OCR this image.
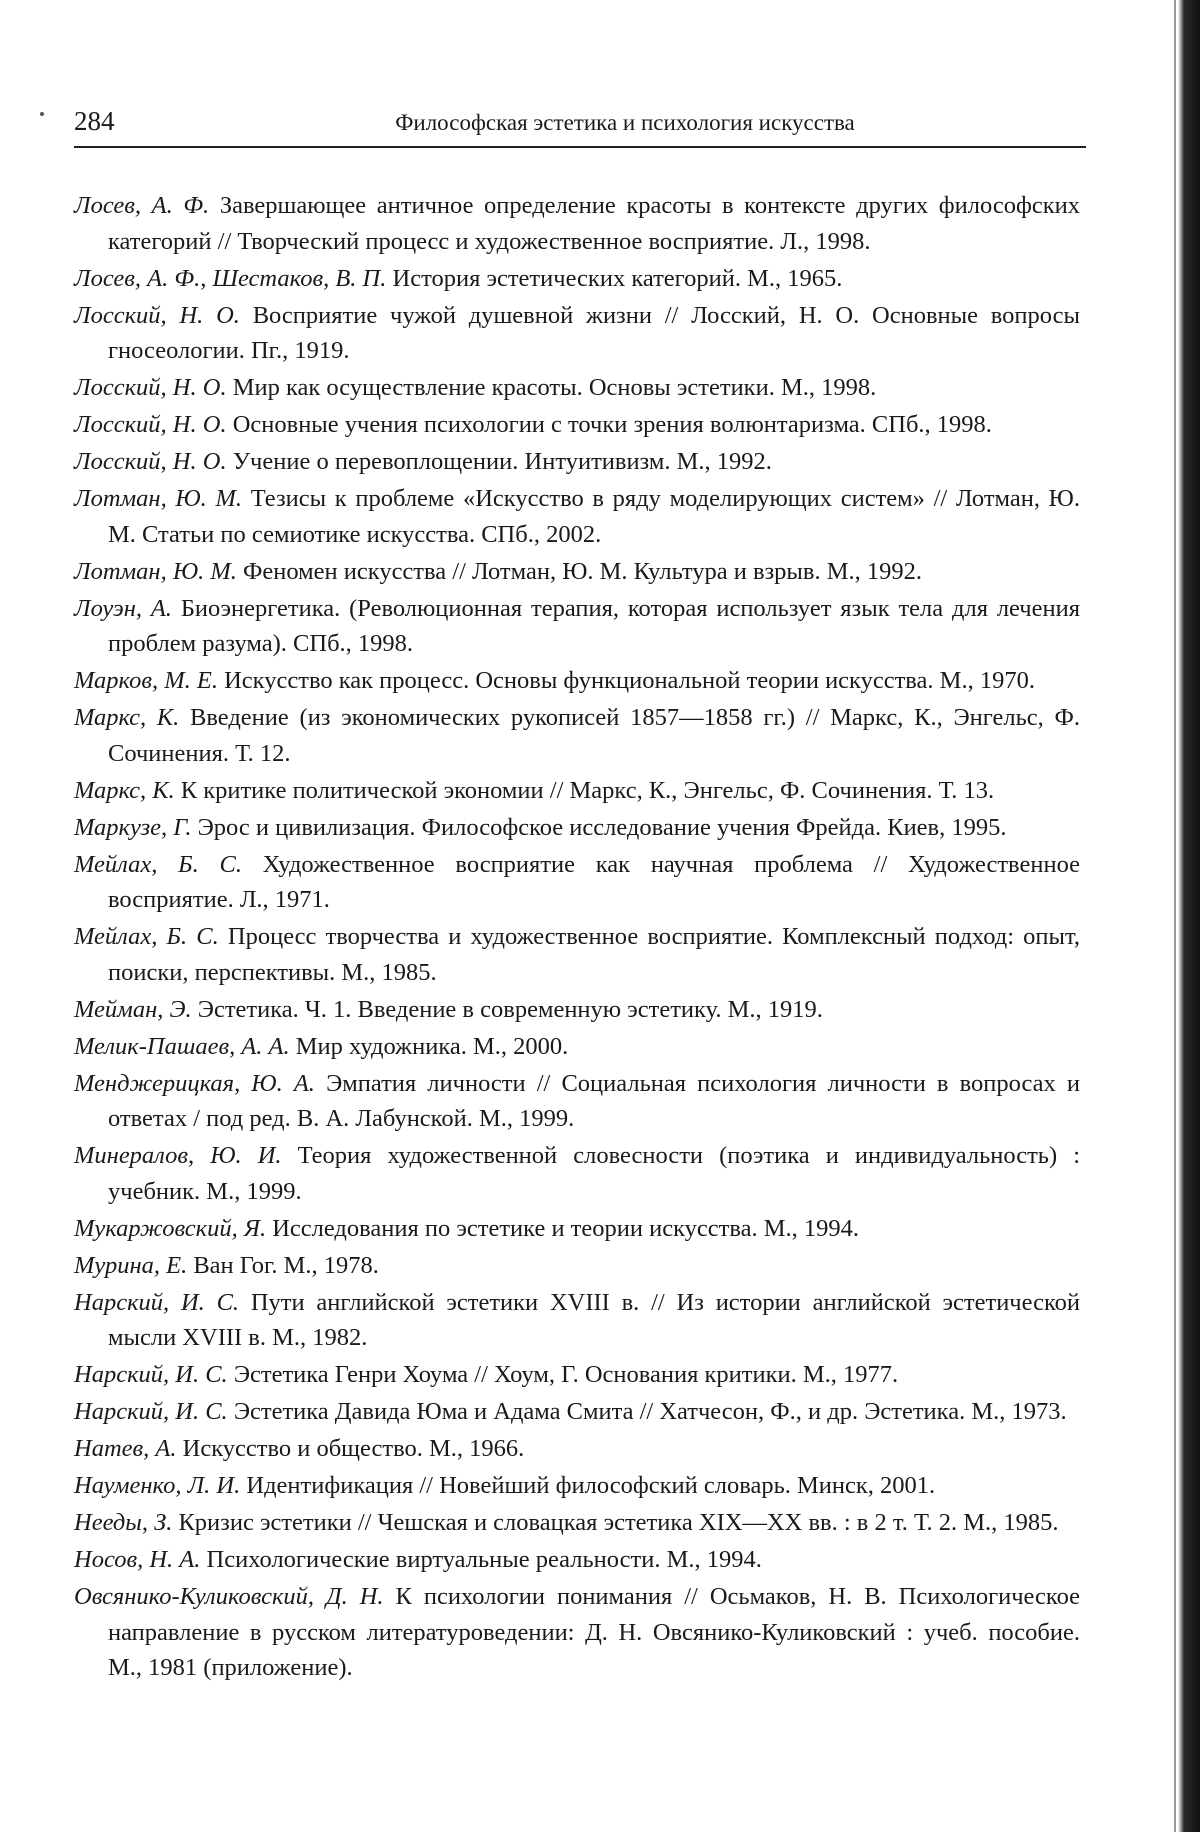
284	Философская эстетика и психология искусства
Лосев, А. Ф. Завершающее античное определение красоты в контексте других философских категорий // Творческий процесс и художественное восприятие. Л., 1998.
Лосев, А. Ф., Шестаков, В. П. История эстетических категорий. М., 1965.
Лосский, Н. О. Восприятие чужой душевной жизни // Лосский, Н. О. Основные вопросы гносеологии. Пг., 1919.
Лосский, Н. О. Мир как осуществление красоты. Основы эстетики. М., 1998.
Лосский, Н. О. Основные учения психологии с точки зрения волюнтаризма. СПб., 1998.
Лосский, Н. О. Учение о перевоплощении. Интуитивизм. М., 1992.
Лотман, Ю. М. Тезисы к проблеме «Искусство в ряду моделирующих систем» // Лотман, Ю. М. Статьи по семиотике искусства. СПб., 2002.
Лотман, Ю. М. Феномен искусства // Лотман, Ю. М. Культура и взрыв. М., 1992.
Лоуэн, А. Биоэнергетика. (Революционная терапия, которая использует язык тела для лечения проблем разума). СПб., 1998.
Марков, М. Е. Искусство как процесс. Основы функциональной теории искусства. М., 1970.
Маркс, К. Введение (из экономических рукописей 1857—1858 гг.) // Маркс, К., Энгельс, Ф. Сочинения. Т. 12.
Маркс, К. К критике политической экономии // Маркс, К., Энгельс, Ф. Сочинения. Т. 13.
Маркузе, Г. Эрос и цивилизация. Философское исследование учения Фрейда. Киев, 1995.
Мейлах, Б. С. Художественное восприятие как научная проблема // Художественное восприятие. Л., 1971.
Мейлах, Б. С. Процесс творчества и художественное восприятие. Комплексный подход: опыт, поиски, перспективы. М., 1985.
Мейман, Э. Эстетика. Ч. 1. Введение в современную эстетику. М., 1919.
Мелик-Пашаев, А. А. Мир художника. М., 2000.
Менджерицкая, Ю. А. Эмпатия личности // Социальная психология личности в вопросах и ответах / под ред. В. А. Лабунской. М., 1999.
Минералов, Ю. И. Теория художественной словесности (поэтика и индивидуальность) : учебник. М., 1999.
Мукаржовский, Я. Исследования по эстетике и теории искусства. М., 1994.
Мурина, Е. Ван Гог. М., 1978.
Нарский, И. С. Пути английской эстетики XVIII в. // Из истории английской эстетической мысли XVIII в. М., 1982.
Нарский, И. С. Эстетика Генри Хоума // Хоум, Г. Основания критики. М., 1977.
Нарский, И. С. Эстетика Давида Юма и Адама Смита // Хатчесон, Ф., и др. Эстетика. М., 1973.
Натев, А. Искусство и общество. М., 1966.
Науменко, Л. И. Идентификация // Новейший философский словарь. Минск, 2001.
Нееды, З. Кризис эстетики // Чешская и словацкая эстетика XIX—XX вв. : в 2 т. Т. 2. М., 1985.
Носов, Н. А. Психологические виртуальные реальности. М., 1994.
Овсянико-Куликовский, Д. Н. К психологии понимания // Осьмаков, Н. В. Психологическое направление в русском литературоведении: Д. Н. Овсянико-Куликовский : учеб. пособие. М., 1981 (приложение).
